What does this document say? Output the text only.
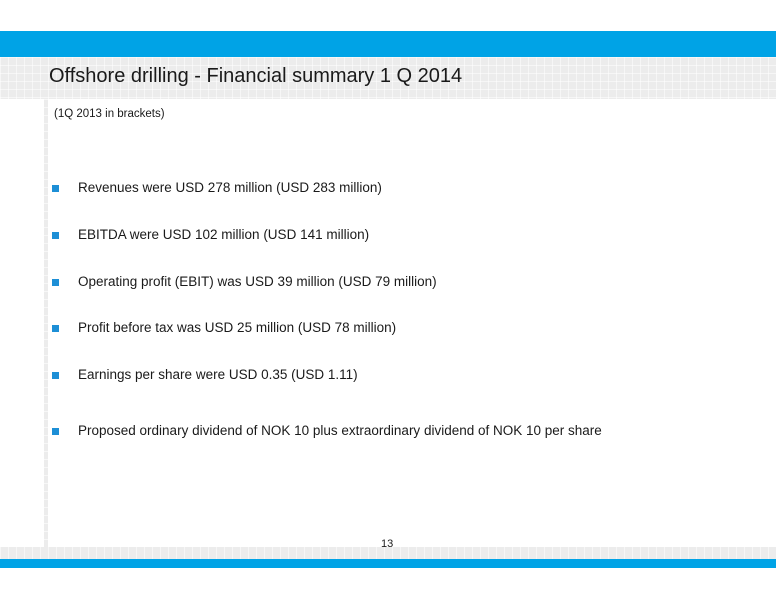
Offshore drilling - Financial summary 1 Q 2014

(1Q 2013 in brackets)

Revenues were USD 278 million (USD 283 million)
EBITDA were USD 102 million (USD 141 million)
Operating profit (EBIT) was USD 39 million (USD 79 million)
Profit before tax was USD 25 million (USD 78 million)
Earnings per share were USD 0.35 (USD 1.11)
Proposed ordinary dividend of NOK 10 plus extraordinary dividend of NOK 10 per share
13
